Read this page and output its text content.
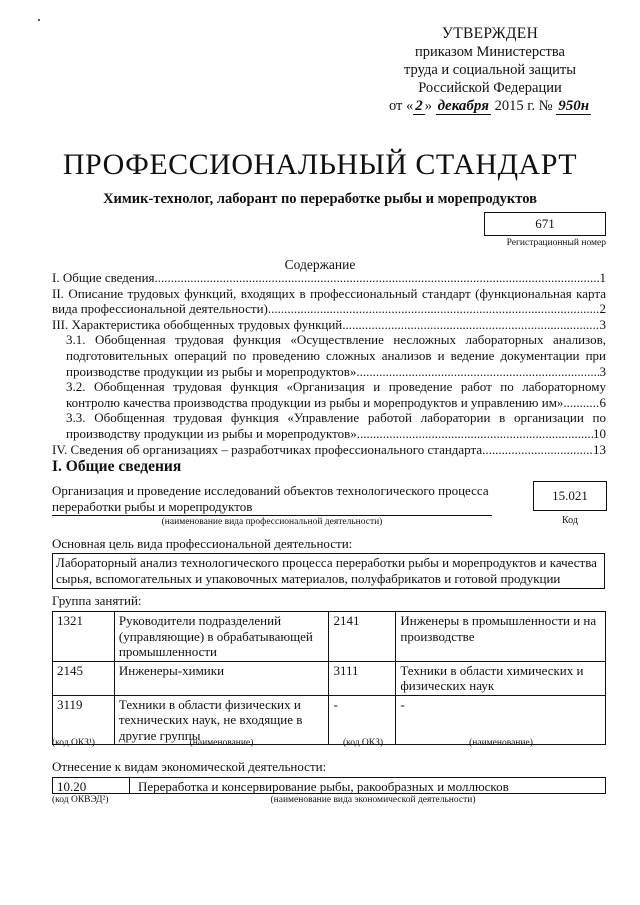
УТВЕРЖДЕН
приказом Министерства
труда и социальной защиты
Российской Федерации
от « 2 » декабря 2015 г. № 950н
ПРОФЕССИОНАЛЬНЫЙ СТАНДАРТ
Химик-технолог, лаборант по переработке рыбы и морепродуктов
671
Регистрационный номер
Содержание
I. Общие сведения .....	1
II. Описание трудовых функций, входящих в профессиональный стандарт (функциональная карта
вида профессиональной деятельности) .....	2
III. Характеристика обобщенных трудовых функций .....	3
3.1. Обобщенная трудовая функция «Осуществление несложных лабораторных анализов,
подготовительных операций по проведению сложных анализов и ведение документации при
производстве продукции из рыбы и морепродуктов» .....	3
3.2. Обобщенная трудовая функция «Организация и проведение работ по лабораторному
контролю качества производства продукции из рыбы и морепродуктов и управлению им» .....	6
3.3. Обобщенная трудовая функция «Управление работой лаборатории в организации по
производству продукции из рыбы и морепродуктов» .....	10
IV. Сведения об организациях – разработчиках профессионального стандарта .....	13
I. Общие сведения
Организация и проведение исследований объектов технологического процесса
переработки рыбы и морепродуктов
(наименование вида профессиональной деятельности)
15.021
Код
Основная цель вида профессиональной деятельности:
Лабораторный анализ технологического процесса переработки рыбы и морепродуктов и качества
сырья, вспомогательных и упаковочных материалов, полуфабрикатов и готовой продукции
Группа занятий:
1321	Руководители подразделений (управляющие) в обрабатывающей промышленности	2141	Инженеры в промышленности и на производстве
2145	Инженеры-химики	3111	Техники в области химических и физических наук
3119	Техники в области физических и технических наук, не входящие в другие группы	-	-
(код ОКЗ¹)	(наименование)	(код ОКЗ)	(наименование)
Отнесение к видам экономической деятельности:
10.20	Переработка и консервирование рыбы, ракообразных и моллюсков
(код ОКВЭД²)	(наименование вида экономической деятельности)
